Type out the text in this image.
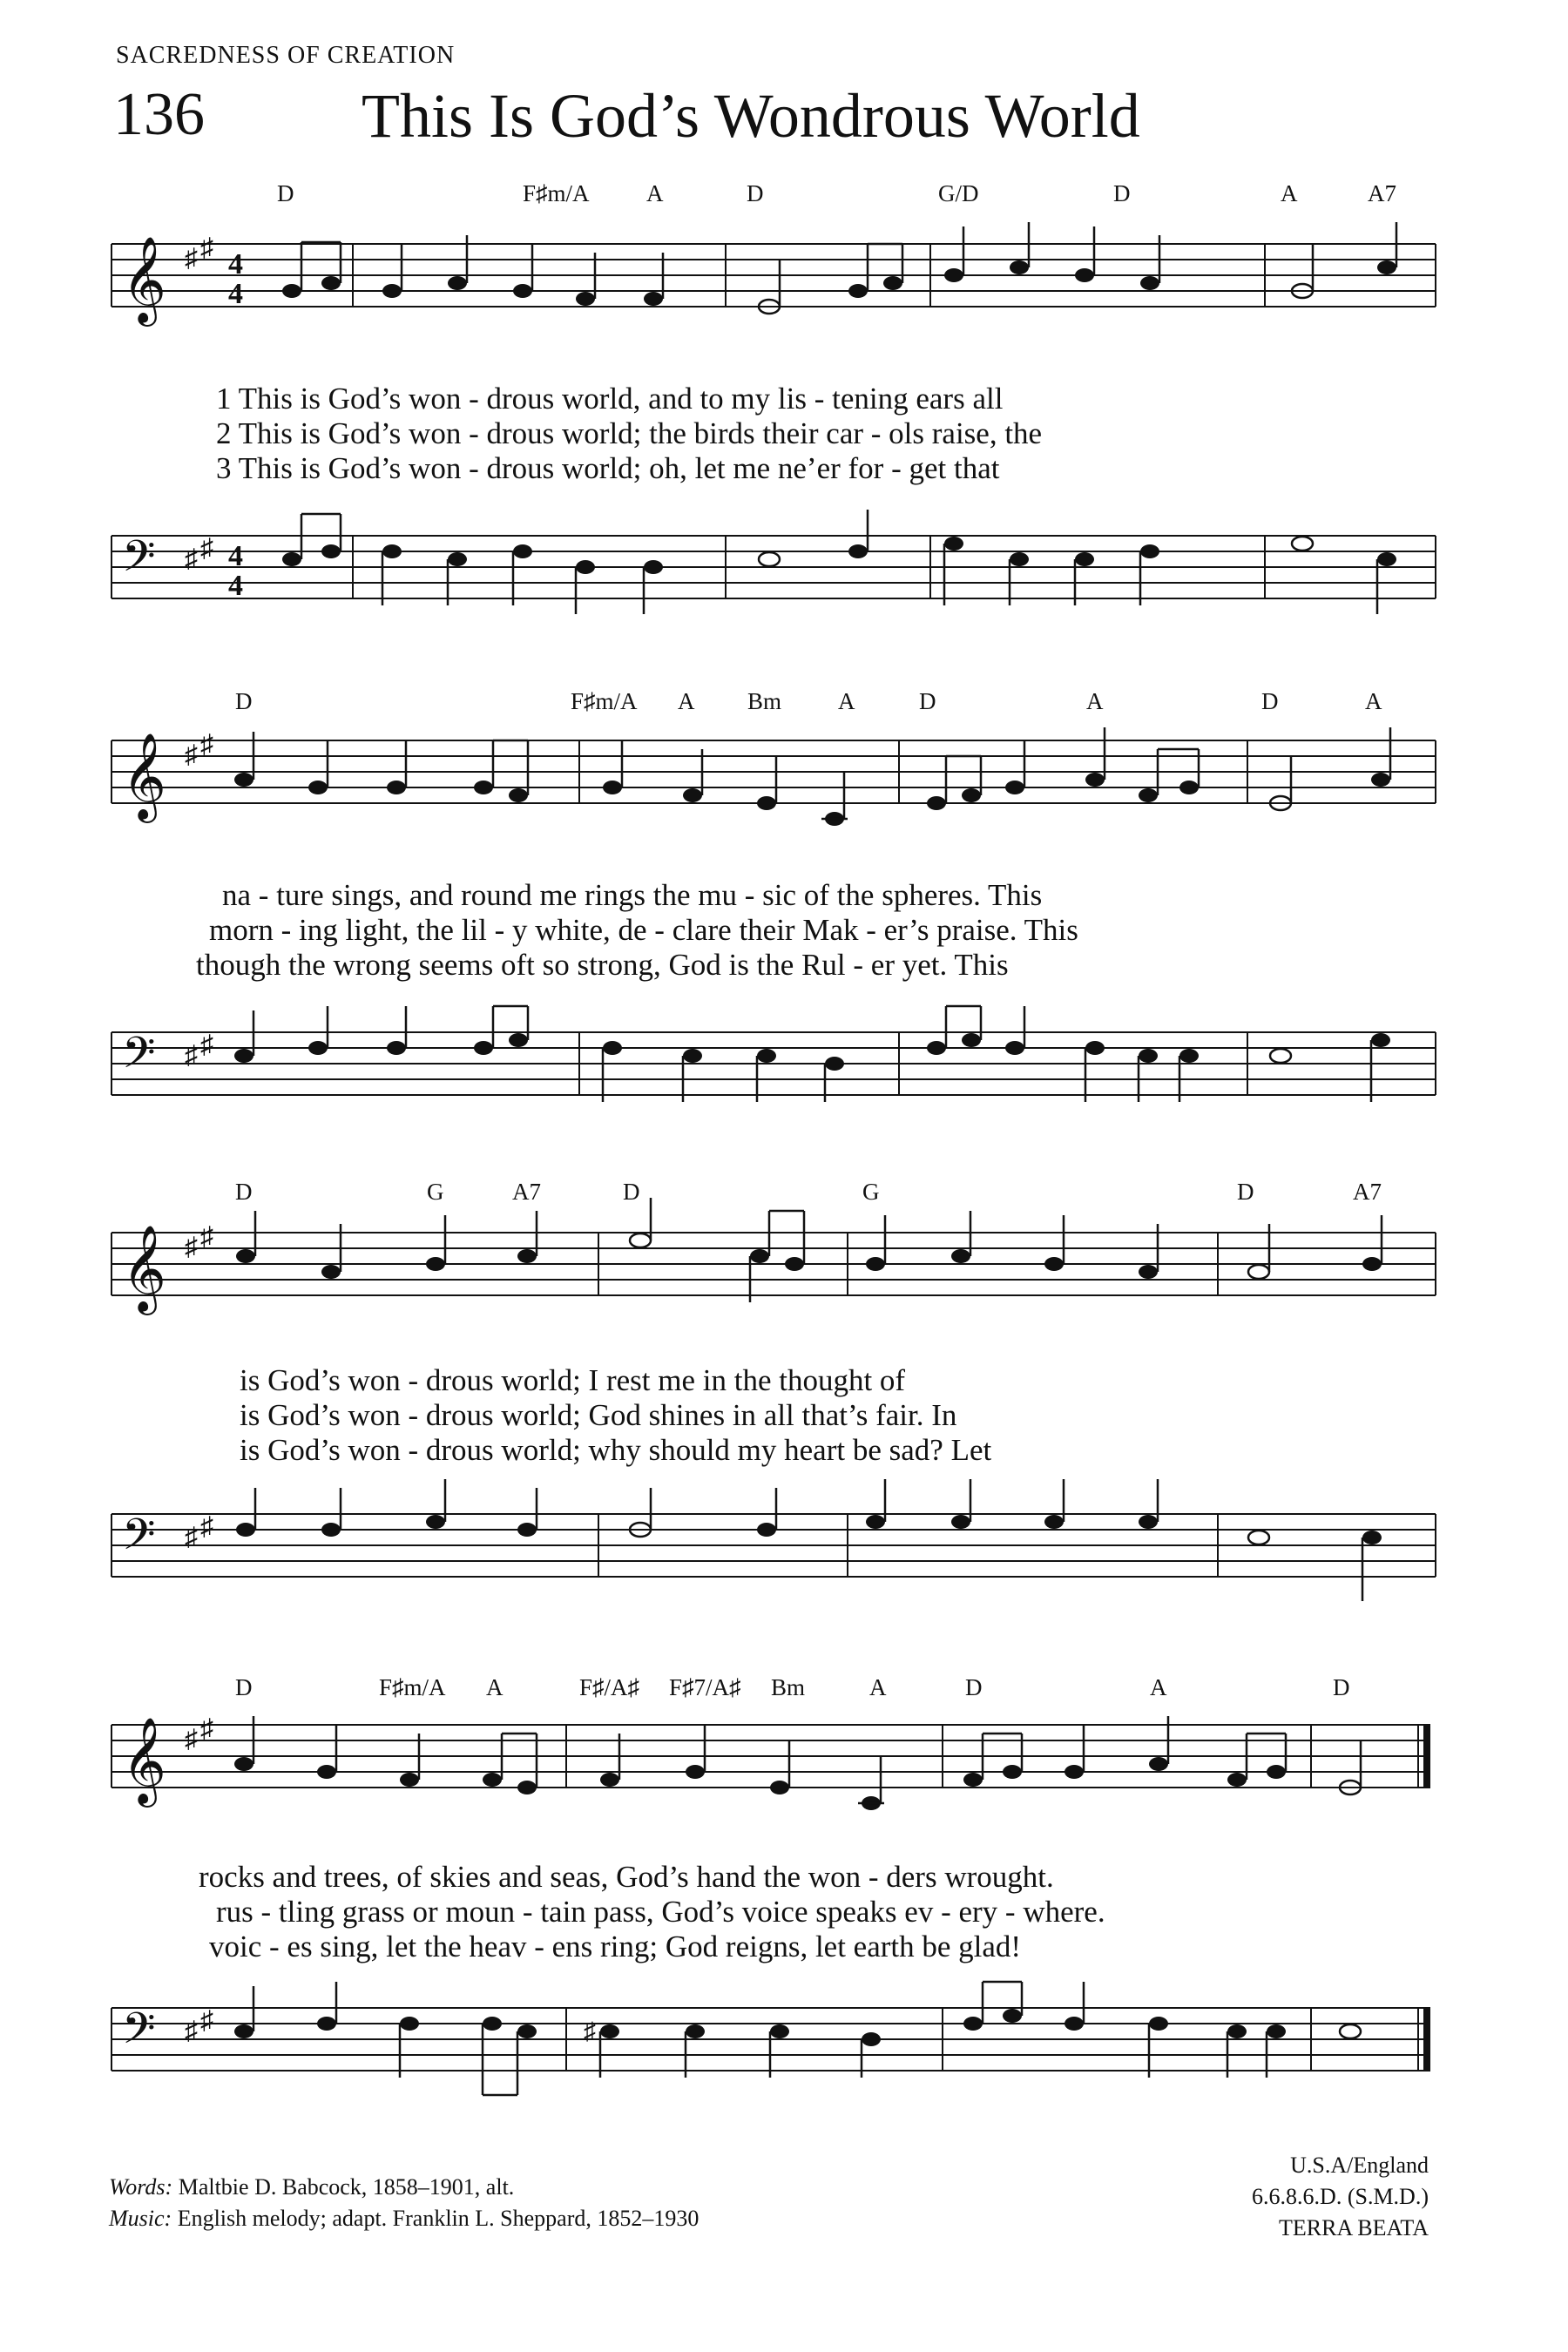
SACREDNESS OF CREATION
136	This Is God’s Wondrous World
D	F♯m/A A	D	G/D	D	A	A7
𝄞 ♯ ♯
4
4
1 This is God’s won - drous world, and to my lis - tening ears all
2 This is God’s won - drous world; the birds their car - ols raise, the
3 This is God’s won - drous world; oh, let me ne’er for - get that
𝄢 ♯ ♯ 4
4
D	F♯m/A A Bm A	D	A	D	A
𝄞 ♯ ♯
na - ture sings, and round me rings the mu - sic of the spheres. This
morn - ing light, the lil - y white, de - clare their Mak - er’s praise. This
though the wrong seems oft so strong, God is the Rul - er yet. This
𝄢 ♯ ♯
D	G	A7	D	G	D	A7
𝄞 ♯ ♯
is God’s won - drous world; I rest me in the thought of
is God’s won - drous world; God shines in all that’s fair. In
is God’s won - drous world; why should my heart be sad? Let
𝄢 ♯ ♯
D	F♯m/A A	F♯/A♯ F♯7/A♯ Bm	A	D	A	D
𝄞 ♯ ♯
rocks and trees, of skies and seas, God’s hand the won - ders wrought.
rus - tling grass or moun - tain pass, God’s voice speaks ev - ery - where.
voic - es sing, let the heav - ens ring; God reigns, let earth be glad!
𝄢 ♯ ♯	♯
Words: Maltbie D. Babcock, 1858–1901, alt.
Music: English melody; adapt. Franklin L. Sheppard, 1852–1930
U.S.A/England
6.6.8.6.D. (S.M.D.)
TERRA BEATA
